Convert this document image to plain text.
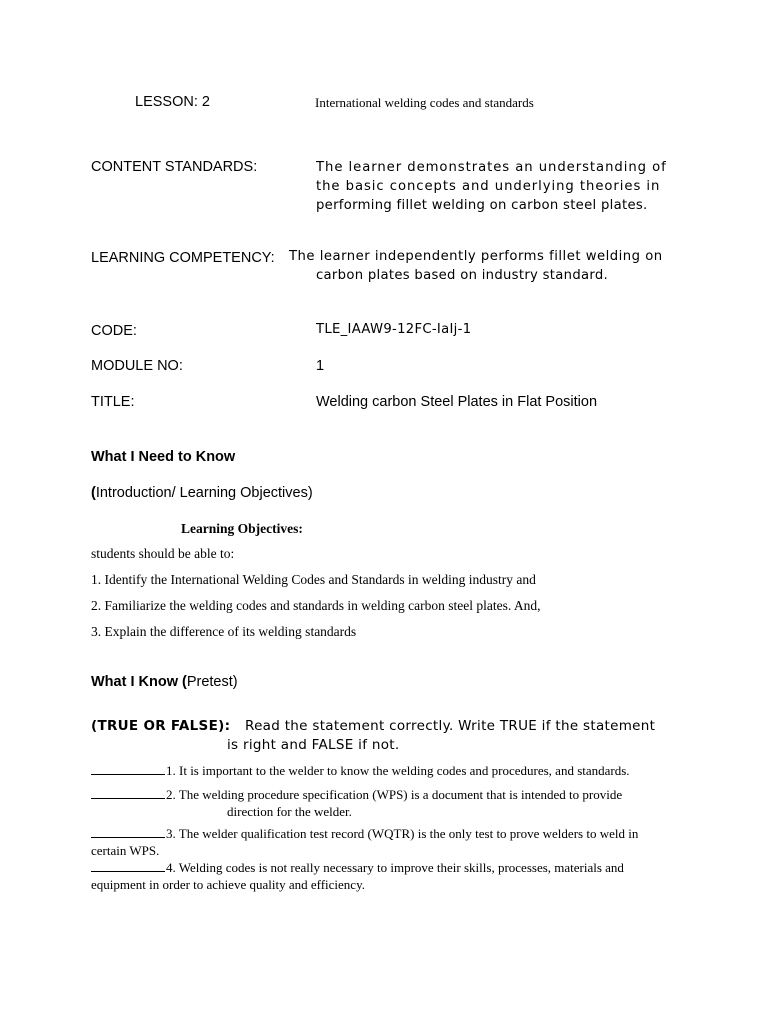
LESSON: 2	International welding codes and standards
CONTENT STANDARDS:	The learner demonstrates an understanding of
the basic concepts and underlying theories in
performing fillet welding on carbon steel plates.
LEARNING COMPETENCY: The learner independently performs fillet welding on
carbon plates based on industry standard.
CODE:	TLE_IAAW9-12FC-IaIj-1
MODULE NO:	1
TITLE:	Welding carbon Steel Plates in Flat Position
What I Need to Know
(Introduction/ Learning Objectives)
Learning Objectives:
students should be able to:
1. Identify the International Welding Codes and Standards in welding industry and
2. Familiarize the welding codes and standards in welding carbon steel plates. And,
3. Explain the difference of its welding standards
What I Know (Pretest)
(TRUE OR FALSE): Read the statement correctly. Write TRUE if the statement
is right and FALSE if not.
1. It is important to the welder to know the welding codes and procedures, and standards.
2. The welding procedure specification (WPS) is a document that is intended to provide
direction for the welder.
3. The welder qualification test record (WQTR) is the only test to prove welders to weld in
certain WPS.
4. Welding codes is not really necessary to improve their skills, processes, materials and
equipment in order to achieve quality and efficiency.
